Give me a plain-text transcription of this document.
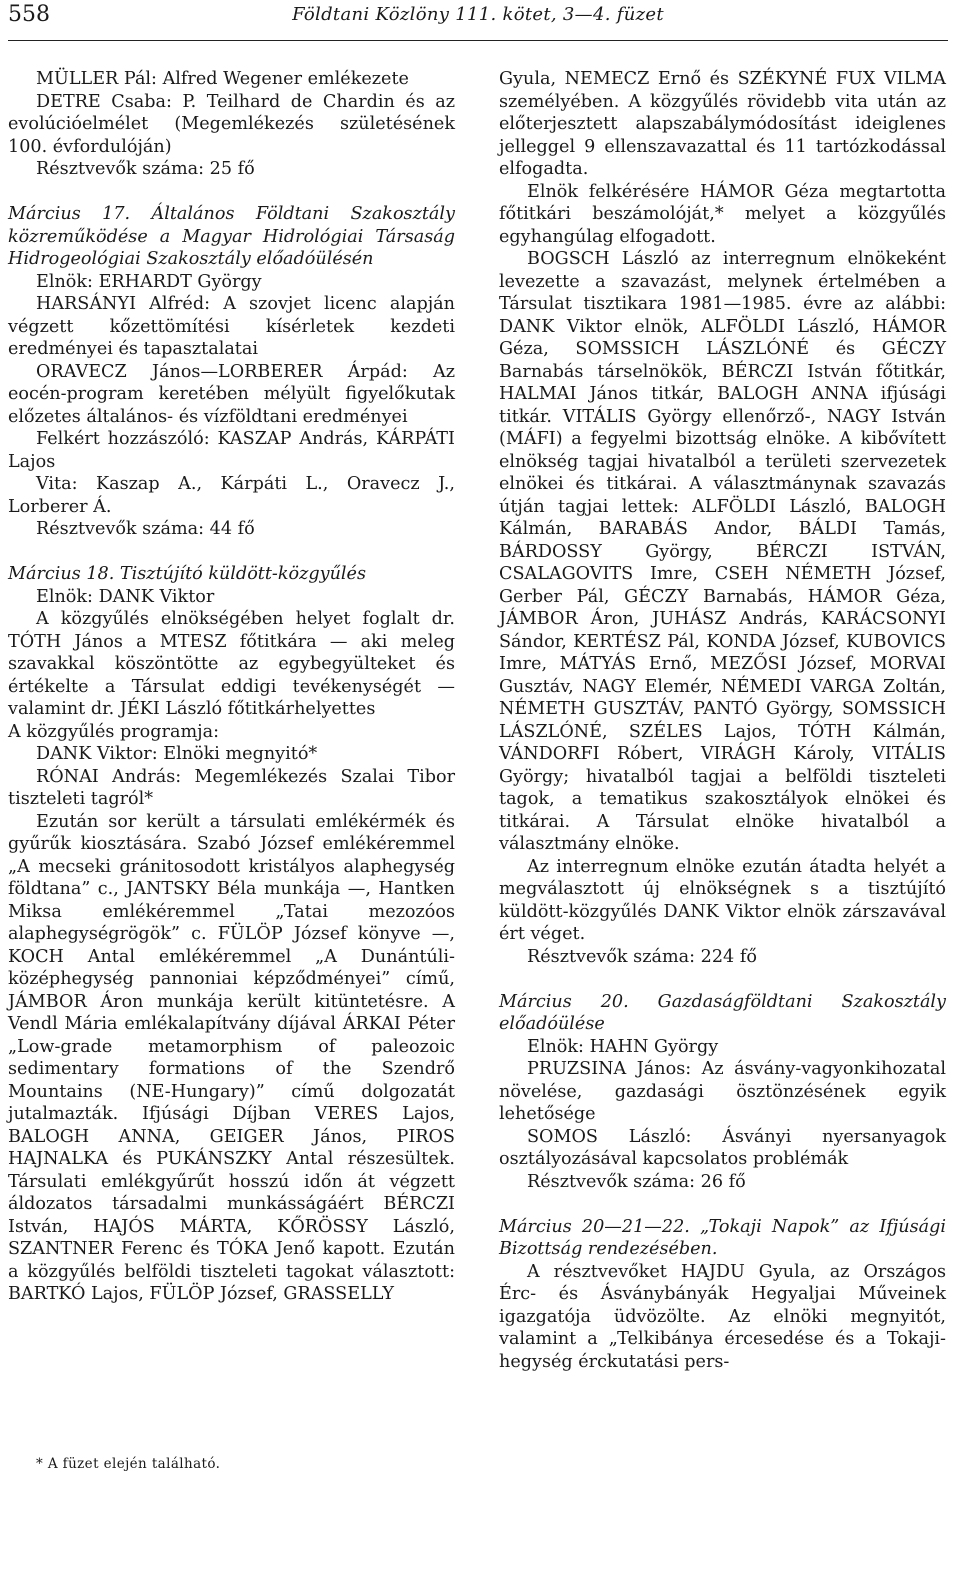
558	Földtani Közlöny 111. kötet, 3—4. füzet

MÜLLER Pál: Alfred Wegener emlékezete

DETRE Csaba: P. Teilhard de Chardin és az evolúcióelmélet (Megemlékezés születésének 100. évfordulóján)

Résztvevők száma: 25 fő

Március 17. Általános Földtani Szakosztály közreműködése a Magyar Hidrológiai Társaság Hidrogeológiai Szakosztály előadóülésén

Elnök: ERHARDT György

HARSÁNYI Alfréd: A szovjet licenc alapján végzett kőzettömítési kísérletek kezdeti eredményei és tapasztalatai

ORAVECZ János—LORBERER Árpád: Az eocén-program keretében mélyült figyelőkutak előzetes általános- és vízföldtani eredményei

Felkért hozzászóló: KASZAP András, KÁRPÁTI Lajos

Vita: Kaszap A., Kárpáti L., Oravecz J., Lorberer Á.

Résztvevők száma: 44 fő

Március 18. Tisztújító küldött-közgyűlés

Elnök: DANK Viktor

A közgyűlés elnökségében helyet foglalt dr. TÓTH János a MTESZ főtitkára — aki meleg szavakkal köszöntötte az egybegyülteket és értékelte a Társulat eddigi tevékenységét — valamint dr. JÉKI László főtitkárhelyettes

A közgyűlés programja:

DANK Viktor: Elnöki megnyitó*

RÓNAI András: Megemlékezés Szalai Tibor tiszteleti tagról*

Ezután sor került a társulati emlékérmék és gyűrűk kiosztására. Szabó József emlékéremmel „A mecseki gránitosodott kristályos alaphegység földtana” c., JANTSKY Béla munkája —, Hantken Miksa emlékéremmel „Tatai mezozóos alaphegységrögök” c. FÜLÖP József könyve —, KOCH Antal emlékéremmel „A Dunántúli-középhegység pannoniai képződményei” című, JÁMBOR Áron munkája került kitüntetésre. A Vendl Mária emlékalapítvány díjával ÁRKAI Péter „Low-grade metamorphism of paleozoic sedimentary formations of the Szendrő Mountains (NE-Hungary)” című dolgozatát jutalmazták. Ifjúsági Díjban VERES Lajos, BALOGH ANNA, GEIGER János, PIROS HAJNALKA és PUKÁNSZKY Antal részesültek. Társulati emlékgyűrűt hosszú időn át végzett áldozatos társadalmi munkásságáért BÉRCZI István, HAJÓS MÁRTA, KŐRÖSSY László, SZANTNER Ferenc és TÓKA Jenő kapott. Ezután a közgyűlés belföldi tiszteleti tagokat választott: BARTKÓ Lajos, FÜLÖP József, GRASSELLY

Gyula, NEMECZ Ernő és SZÉKYNÉ FUX VILMA személyében. A közgyűlés rövidebb vita után az előterjesztett alapszabálymódosítást ideiglenes jelleggel 9 ellenszavazattal és 11 tartózkodással elfogadta.

Elnök felkérésére HÁMOR Géza megtartotta főtitkári beszámolóját,* melyet a közgyűlés egyhangúlag elfogadott.

BOGSCH László az interregnum elnökeként levezette a szavazást, melynek értelmében a Társulat tisztikara 1981—1985. évre az alábbi: DANK Viktor elnök, ALFÖLDI László, HÁMOR Géza, SOMSSICH LÁSZLÓNÉ és GÉCZY Barnabás társelnökök, BÉRCZI István főtitkár, HALMAI János titkár, BALOGH ANNA ifjúsági titkár. VITÁLIS György ellenőrző-, NAGY István (MÁFI) a fegyelmi bizottság elnöke. A kibővített elnökség tagjai hivatalból a területi szervezetek elnökei és titkárai. A választmánynak szavazás útján tagjai lettek: ALFÖLDI László, BALOGH Kálmán, BARABÁS Andor, BÁLDI Tamás, BÁRDOSSY György, BÉRCZI ISTVÁN, CSALAGOVITS Imre, CSEH NÉMETH József, Gerber Pál, GÉCZY Barnabás, HÁMOR Géza, JÁMBOR Áron, JUHÁSZ András, KARÁCSONYI Sándor, KERTÉSZ Pál, KONDA József, KUBOVICS Imre, MÁTYÁS Ernő, MEZŐSI József, MORVAI Gusztáv, NAGY Elemér, NÉMEDI VARGA Zoltán, NÉMETH GUSZTÁV, PANTÓ György, SOMSSICH LÁSZLÓNÉ, SZÉLES Lajos, TÓTH Kálmán, VÁNDORFI Róbert, VIRÁGH Károly, VITÁLIS György; hivatalból tagjai a belföldi tiszteleti tagok, a tematikus szakosztályok elnökei és titkárai. A Társulat elnöke hivatalból a választmány elnöke.

Az interregnum elnöke ezután átadta helyét a megválasztott új elnökségnek s a tisztújító küldött-közgyűlés DANK Viktor elnök zárszavával ért véget.

Résztvevők száma: 224 fő

Március 20. Gazdaságföldtani Szakosztály előadóülése

Elnök: HAHN György

PRUZSINA János: Az ásvány-vagyonkihozatal növelése, gazdasági ösztönzésének egyik lehetősége

SOMOS László: Ásványi nyersanyagok osztályozásával kapcsolatos problémák

Résztvevők száma: 26 fő

Március 20—21—22. „Tokaji Napok” az Ifjúsági Bizottság rendezésében.

A résztvevőket HAJDU Gyula, az Országos Érc- és Ásványbányák Hegyaljai Műveinek igazgatója üdvözölte. Az elnöki megnyitót, valamint a „Telkibánya ércesedése és a Tokaji-hegység érckutatási pers-

* A füzet elején található.
